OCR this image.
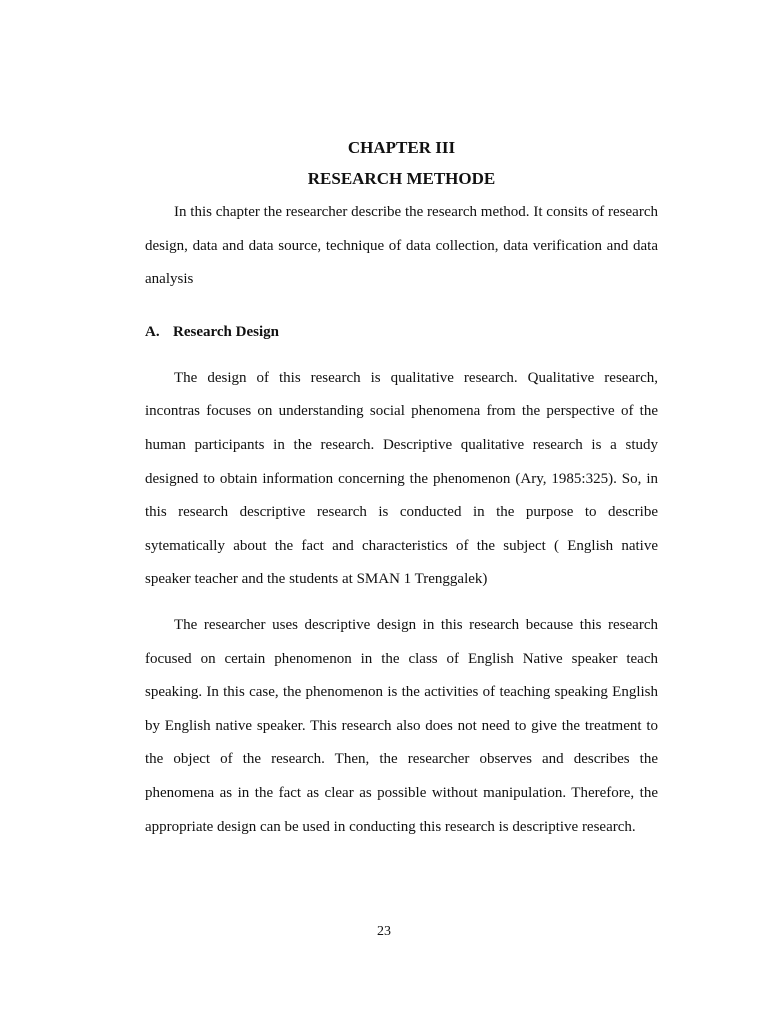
CHAPTER III
RESEARCH METHODE

In this chapter the researcher describe the research method. It consits of research design, data and data source, technique of data collection, data verification and data analysis

A. Research Design

The design of this research is qualitative research. Qualitative research, incontras focuses on understanding social phenomena from the perspective of the human participants in the research. Descriptive qualitative research is a study designed to obtain information concerning the phenomenon (Ary, 1985:325). So, in this research descriptive research is conducted in the purpose to describe sytematically about the fact and characteristics of the subject ( English native speaker teacher and the students at SMAN 1 Trenggalek)

The researcher uses descriptive design in this research because this research focused on certain phenomenon in the class of English Native speaker teach speaking. In this case, the phenomenon is the activities of teaching speaking English by English native speaker. This research also does not need to give the treatment to the object of the research. Then, the researcher observes and describes the phenomena as in the fact as clear as possible without manipulation. Therefore, the appropriate design can be used in conducting this research is descriptive research.

23
